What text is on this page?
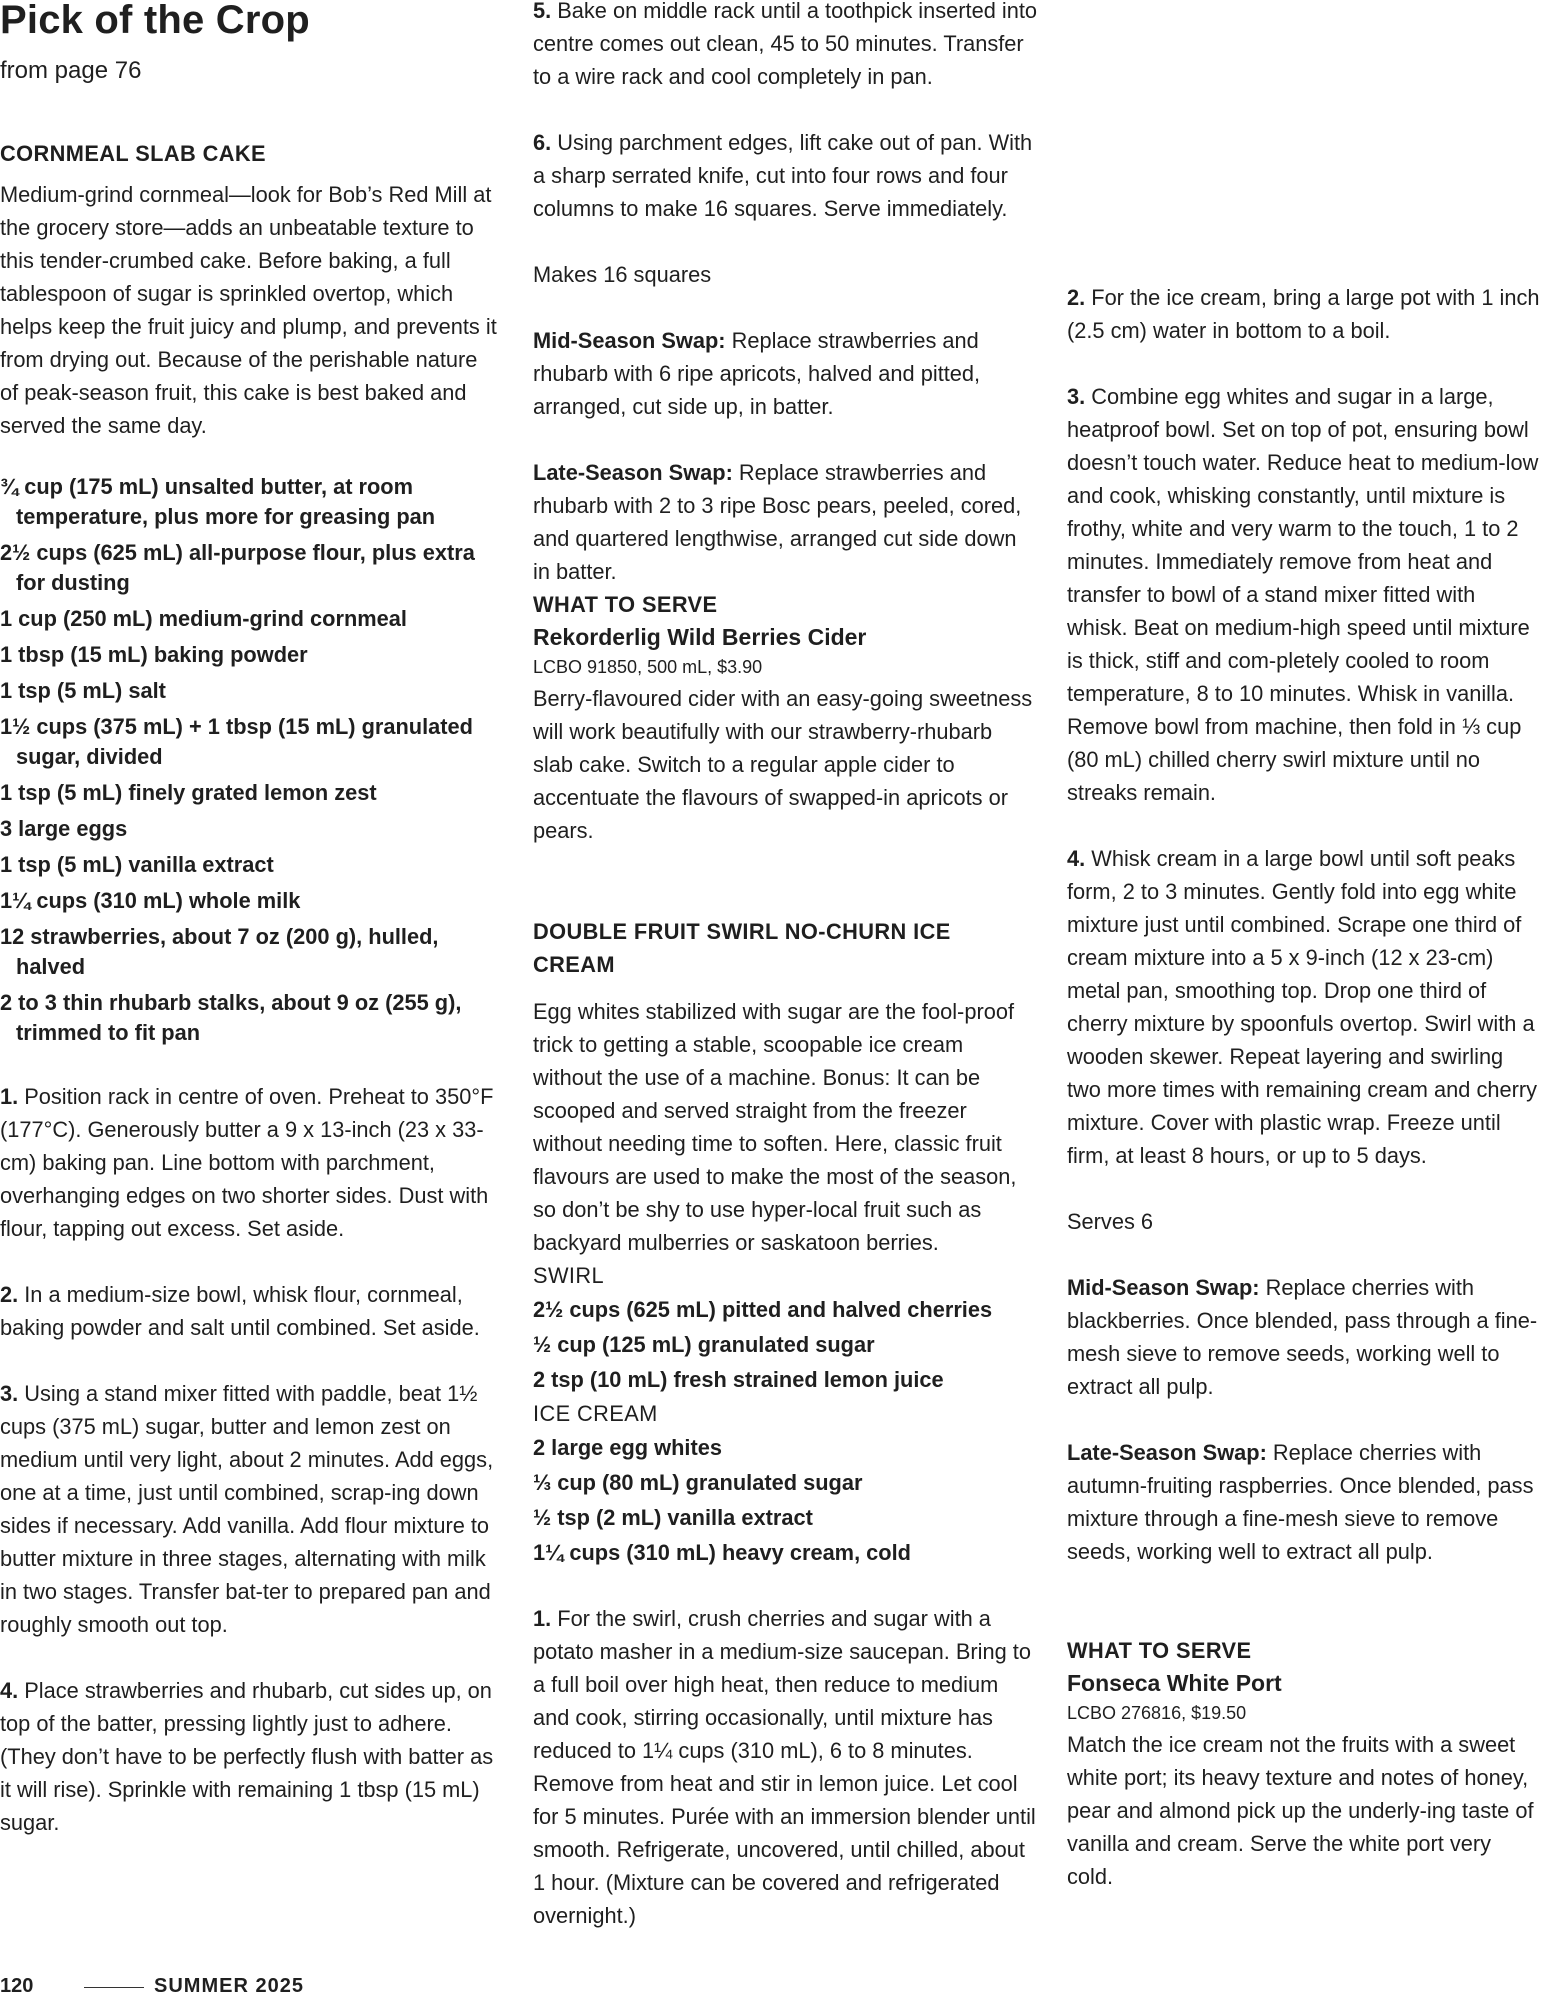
Pick of the Crop

from page 76

CORNMEAL SLAB CAKE

Medium-grind cornmeal—look for Bob’s Red Mill at the grocery store—adds an unbeatable texture to this tender-crumbed cake. Before baking, a full tablespoon of sugar is sprinkled overtop, which helps keep the fruit juicy and plump, and prevents it from drying out. Because of the perishable nature of peak-season fruit, this cake is best baked and served the same day.

¾ cup (175 mL) unsalted butter, at room temperature, plus more for greasing pan

2½ cups (625 mL) all-purpose flour, plus extra for dusting

1 cup (250 mL) medium-grind cornmeal

1 tbsp (15 mL) baking powder

1 tsp (5 mL) salt

1½ cups (375 mL) + 1 tbsp (15 mL) granulated sugar, divided

1 tsp (5 mL) finely grated lemon zest

3 large eggs

1 tsp (5 mL) vanilla extract

1¼ cups (310 mL) whole milk

12 strawberries, about 7 oz (200 g), hulled, halved

2 to 3 thin rhubarb stalks, about 9 oz (255 g), trimmed to fit pan

1. Position rack in centre of oven. Preheat to 350°F (177°C). Generously butter a 9 x 13-inch (23 x 33-cm) baking pan. Line bottom with parchment, overhanging edges on two shorter sides. Dust with flour, tapping out excess. Set aside.

2. In a medium-size bowl, whisk flour, cornmeal, baking powder and salt until combined. Set aside.

3. Using a stand mixer fitted with paddle, beat 1½ cups (375 mL) sugar, butter and lemon zest on medium until very light, about 2 minutes. Add eggs, one at a time, just until combined, scrap-ing down sides if necessary. Add vanilla. Add flour mixture to butter mixture in three stages, alternating with milk in two stages. Transfer bat-ter to prepared pan and roughly smooth out top.

4. Place strawberries and rhubarb, cut sides up, on top of the batter, pressing lightly just to adhere. (They don’t have to be perfectly flush with batter as it will rise). Sprinkle with remaining 1 tbsp (15 mL) sugar.

5. Bake on middle rack until a toothpick inserted into centre comes out clean, 45 to 50 minutes. Transfer to a wire rack and cool completely in pan.

6. Using parchment edges, lift cake out of pan. With a sharp serrated knife, cut into four rows and four columns to make 16 squares. Serve immediately.

Makes 16 squares

Mid-Season Swap: Replace strawberries and rhubarb with 6 ripe apricots, halved and pitted, arranged, cut side up, in batter.

Late-Season Swap: Replace strawberries and rhubarb with 2 to 3 ripe Bosc pears, peeled, cored, and quartered lengthwise, arranged cut side down in batter.

WHAT TO SERVE

Rekorderlig Wild Berries Cider

LCBO 91850, 500 mL, $3.90

Berry-flavoured cider with an easy-going sweetness will work beautifully with our strawberry-rhubarb slab cake. Switch to a regular apple cider to accentuate the flavours of swapped-in apricots or pears.

DOUBLE FRUIT SWIRL NO-CHURN ICE CREAM

Egg whites stabilized with sugar are the fool-proof trick to getting a stable, scoopable ice cream without the use of a machine. Bonus: It can be scooped and served straight from the freezer without needing time to soften. Here, classic fruit flavours are used to make the most of the season, so don’t be shy to use hyper-local fruit such as backyard mulberries or saskatoon berries.

SWIRL

2½ cups (625 mL) pitted and halved cherries

½ cup (125 mL) granulated sugar

2 tsp (10 mL) fresh strained lemon juice

ICE CREAM

2 large egg whites

⅓ cup (80 mL) granulated sugar

½ tsp (2 mL) vanilla extract

1¼ cups (310 mL) heavy cream, cold

1. For the swirl, crush cherries and sugar with a potato masher in a medium-size saucepan. Bring to a full boil over high heat, then reduce to medium and cook, stirring occasionally, until mixture has reduced to 1¼ cups (310 mL), 6 to 8 minutes. Remove from heat and stir in lemon juice. Let cool for 5 minutes. Purée with an immersion blender until smooth. Refrigerate, uncovered, until chilled, about 1 hour. (Mixture can be covered and refrigerated overnight.)

2. For the ice cream, bring a large pot with 1 inch (2.5 cm) water in bottom to a boil.

3. Combine egg whites and sugar in a large, heatproof bowl. Set on top of pot, ensuring bowl doesn’t touch water. Reduce heat to medium-low and cook, whisking constantly, until mixture is frothy, white and very warm to the touch, 1 to 2 minutes. Immediately remove from heat and transfer to bowl of a stand mixer fitted with whisk. Beat on medium-high speed until mixture is thick, stiff and com-pletely cooled to room temperature, 8 to 10 minutes. Whisk in vanilla. Remove bowl from machine, then fold in ⅓ cup (80 mL) chilled cherry swirl mixture until no streaks remain.

4. Whisk cream in a large bowl until soft peaks form, 2 to 3 minutes. Gently fold into egg white mixture just until combined. Scrape one third of cream mixture into a 5 x 9-inch (12 x 23-cm) metal pan, smoothing top. Drop one third of cherry mixture by spoonfuls overtop. Swirl with a wooden skewer. Repeat layering and swirling two more times with remaining cream and cherry mixture. Cover with plastic wrap. Freeze until firm, at least 8 hours, or up to 5 days.

Serves 6

Mid-Season Swap: Replace cherries with blackberries. Once blended, pass through a fine-mesh sieve to remove seeds, working well to extract all pulp.

Late-Season Swap: Replace cherries with autumn-fruiting raspberries. Once blended, pass mixture through a fine-mesh sieve to remove seeds, working well to extract all pulp.

WHAT TO SERVE

Fonseca White Port

LCBO 276816, $19.50

Match the ice cream not the fruits with a sweet white port; its heavy texture and notes of honey, pear and almond pick up the underly-ing taste of vanilla and cream. Serve the white port very cold.

120	SUMMER 2025
